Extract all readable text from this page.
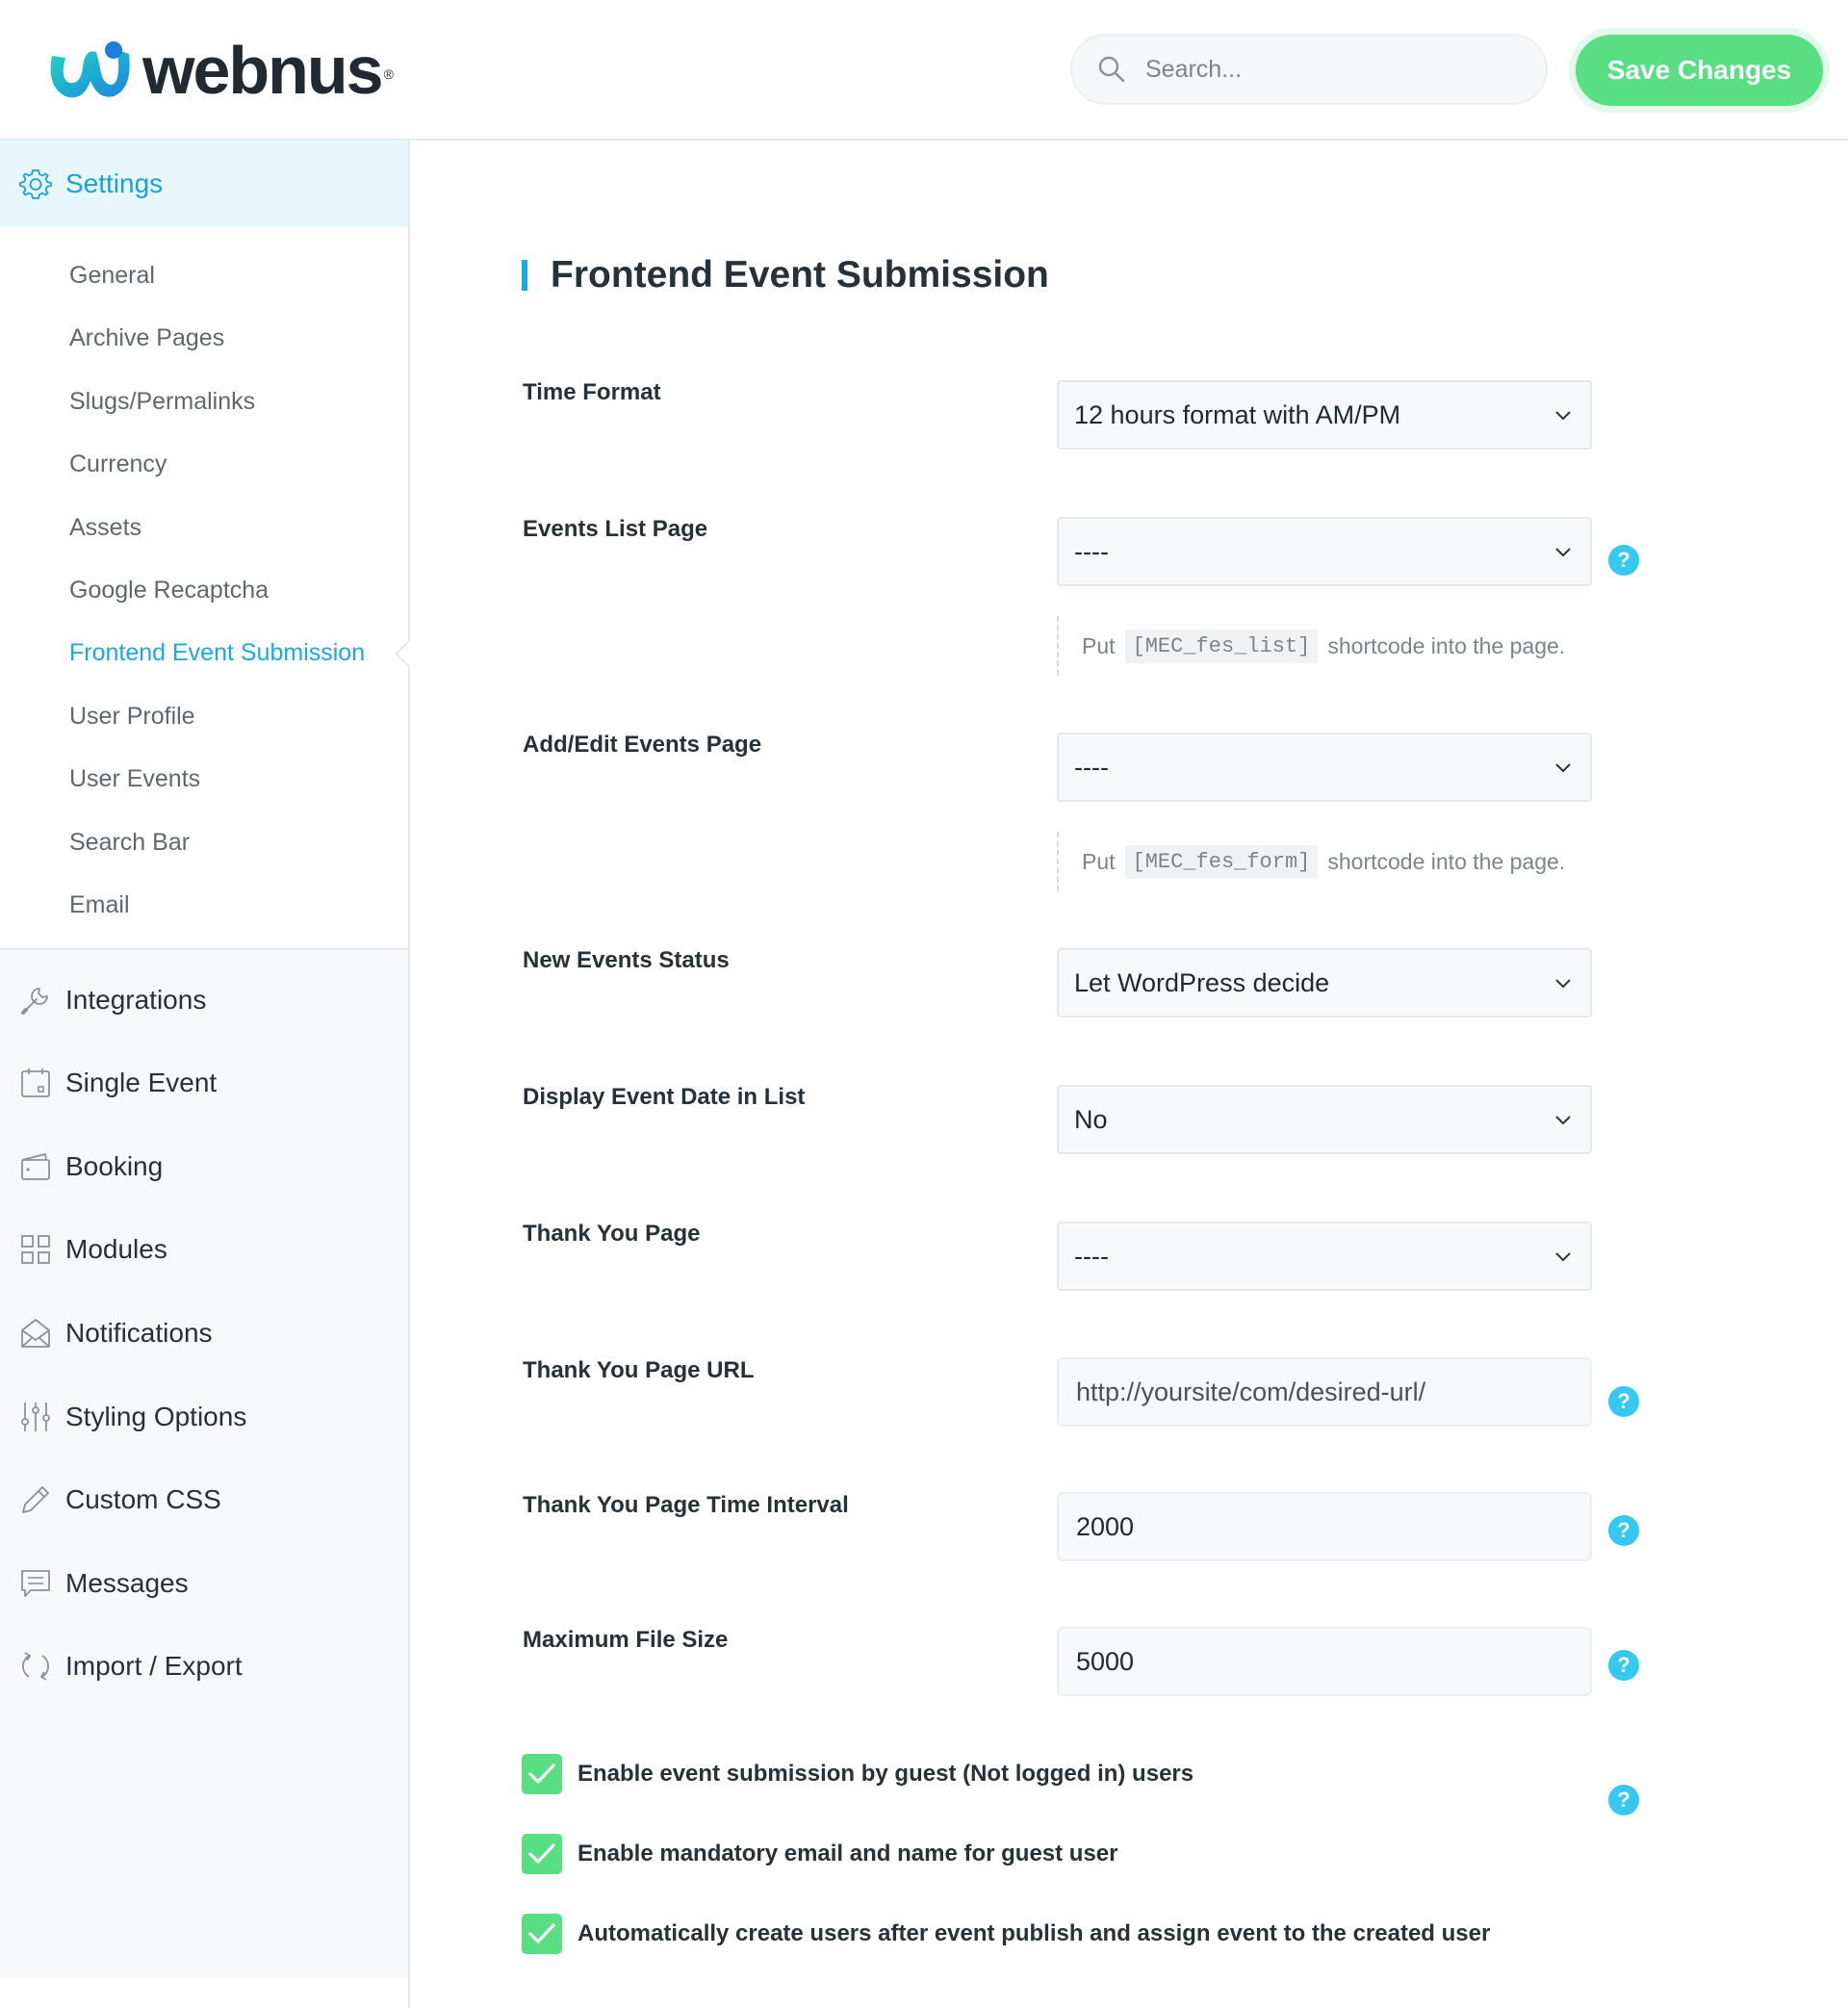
webnus ®
Search...	Save Changes
Settings
General
Archive Pages
Slugs/Permalinks
Currency
Assets
Google Recaptcha
Frontend Event Submission
User Profile
User Events
Search Bar
Email
Integrations
Single Event
Booking
Modules
Notifications
Styling Options
Custom CSS
Messages
Import / Export
Frontend Event Submission
Time Format
12 hours format with AM/PM
?
Events List Page
----
Put [MEC_fes_list] shortcode into the page.
Add/Edit Events Page
----
Put [MEC_fes_form] shortcode into the page.
New Events Status
Let WordPress decide
Display Event Date in List
No
Thank You Page
----
?
Thank You Page URL
http://yoursite/com/desired-url/
?
Thank You Page Time Interval
2000
?
Maximum File Size
5000
?
Enable event submission by guest (Not logged in) users
Enable mandatory email and name for guest user
Automatically create users after event publish and assign event to the created user
